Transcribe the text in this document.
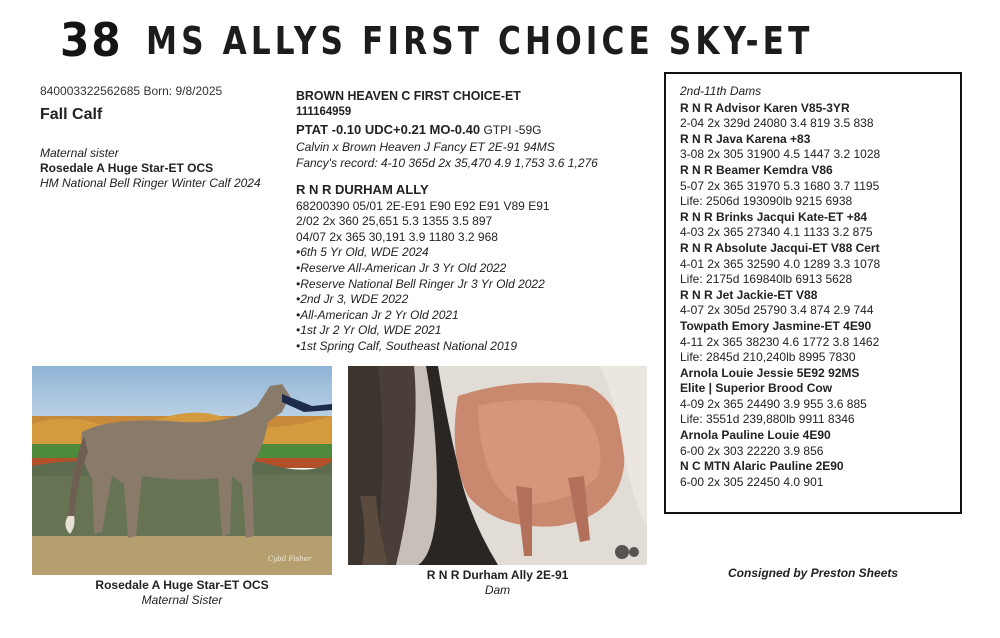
38 MS ALLYS FIRST CHOICE SKY-ET
840003322562685 Born: 9/8/2025
Fall Calf
Maternal sister
Rosedale A Huge Star-ET OCS
HM National Bell Ringer Winter Calf 2024
BROWN HEAVEN C FIRST CHOICE-ET
111164959
PTAT -0.10 UDC+0.21 MO-0.40 GTPI -59G
Calvin x Brown Heaven J Fancy ET 2E-91 94MS
Fancy's record: 4-10 365d 2x 35,470 4.9 1,753 3.6 1,276
R N R DURHAM ALLY
68200390 05/01 2E-E91 E90 E92 E91 V89 E91
2/02 2x 360 25,651 5.3 1355 3.5 897
04/07 2x 365 30,191 3.9 1180 3.2 968
•6th 5 Yr Old, WDE 2024
•Reserve All-American Jr 3 Yr Old 2022
•Reserve National Bell Ringer Jr 3 Yr Old 2022
•2nd Jr 3, WDE 2022
•All-American Jr 2 Yr Old 2021
•1st Jr 2 Yr Old, WDE 2021
•1st Spring Calf, Southeast National 2019
2nd-11th Dams
R N R Advisor Karen V85-3YR
2-04 2x 329d 24080 3.4 819 3.5 838
R N R Java Karena +83
3-08 2x 305 31900 4.5 1447 3.2 1028
R N R Beamer Kemdra V86
5-07 2x 365 31970 5.3 1680 3.7 1195
Life: 2506d 193090lb 9215 6938
R N R Brinks Jacqui Kate-ET +84
4-03 2x 365 27340 4.1 1133 3.2 875
R N R Absolute Jacqui-ET V88 Cert
4-01 2x 365 32590 4.0 1289 3.3 1078
Life: 2175d 169840lb 6913 5628
R N R Jet Jackie-ET V88
4-07 2x 305d 25790 3.4 874 2.9 744
Towpath Emory Jasmine-ET 4E90
4-11 2x 365 38230 4.6 1772 3.8 1462
Life: 2845d 210,240lb 8995 7830
Arnola Louie Jessie 5E92 92MS
Elite | Superior Brood Cow
4-09 2x 365 24490 3.9 955 3.6 885
Life: 3551d 239,880lb 9911 8346
Arnola Pauline Louie 4E90
6-00 2x 303 22220 3.9 856
N C MTN Alaric Pauline 2E90
6-00 2x 305 22450 4.0 901
Cybil Fisher
Rosedale A Huge Star-ET OCS
Maternal Sister
R N R Durham Ally 2E-91
Dam
Consigned by Preston Sheets
